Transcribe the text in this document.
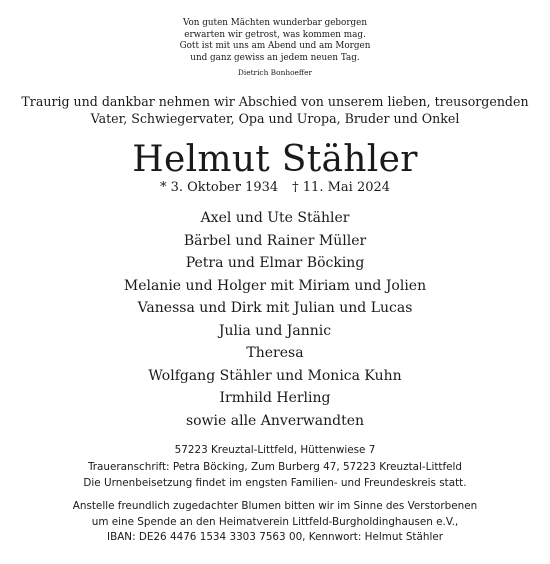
Von guten Mächten wunderbar geborgen
erwarten wir getrost, was kommen mag.
Gott ist mit uns am Abend und am Morgen
und ganz gewiss an jedem neuen Tag.
Dietrich Bonhoeffer
Traurig und dankbar nehmen wir Abschied von unserem lieben, treusorgenden
Vater, Schwiegervater, Opa und Uropa, Bruder und Onkel
Helmut Stähler
* 3. Oktober 1934 † 11. Mai 2024
Axel und Ute Stähler
Bärbel und Rainer Müller
Petra und Elmar Böcking
Melanie und Holger mit Miriam und Jolien
Vanessa und Dirk mit Julian und Lucas
Julia und Jannic
Theresa
Wolfgang Stähler und Monica Kuhn
Irmhild Herling
sowie alle Anverwandten
57223 Kreuztal-Littfeld, Hüttenwiese 7
Traueranschrift: Petra Böcking, Zum Burberg 47, 57223 Kreuztal-Littfeld
Die Urnenbeisetzung findet im engsten Familien- und Freundeskreis statt.
Anstelle freundlich zugedachter Blumen bitten wir im Sinne des Verstorbenen
um eine Spende an den Heimatverein Littfeld-Burgholdinghausen e.V.,
IBAN: DE26 4476 1534 3303 7563 00, Kennwort: Helmut Stähler
